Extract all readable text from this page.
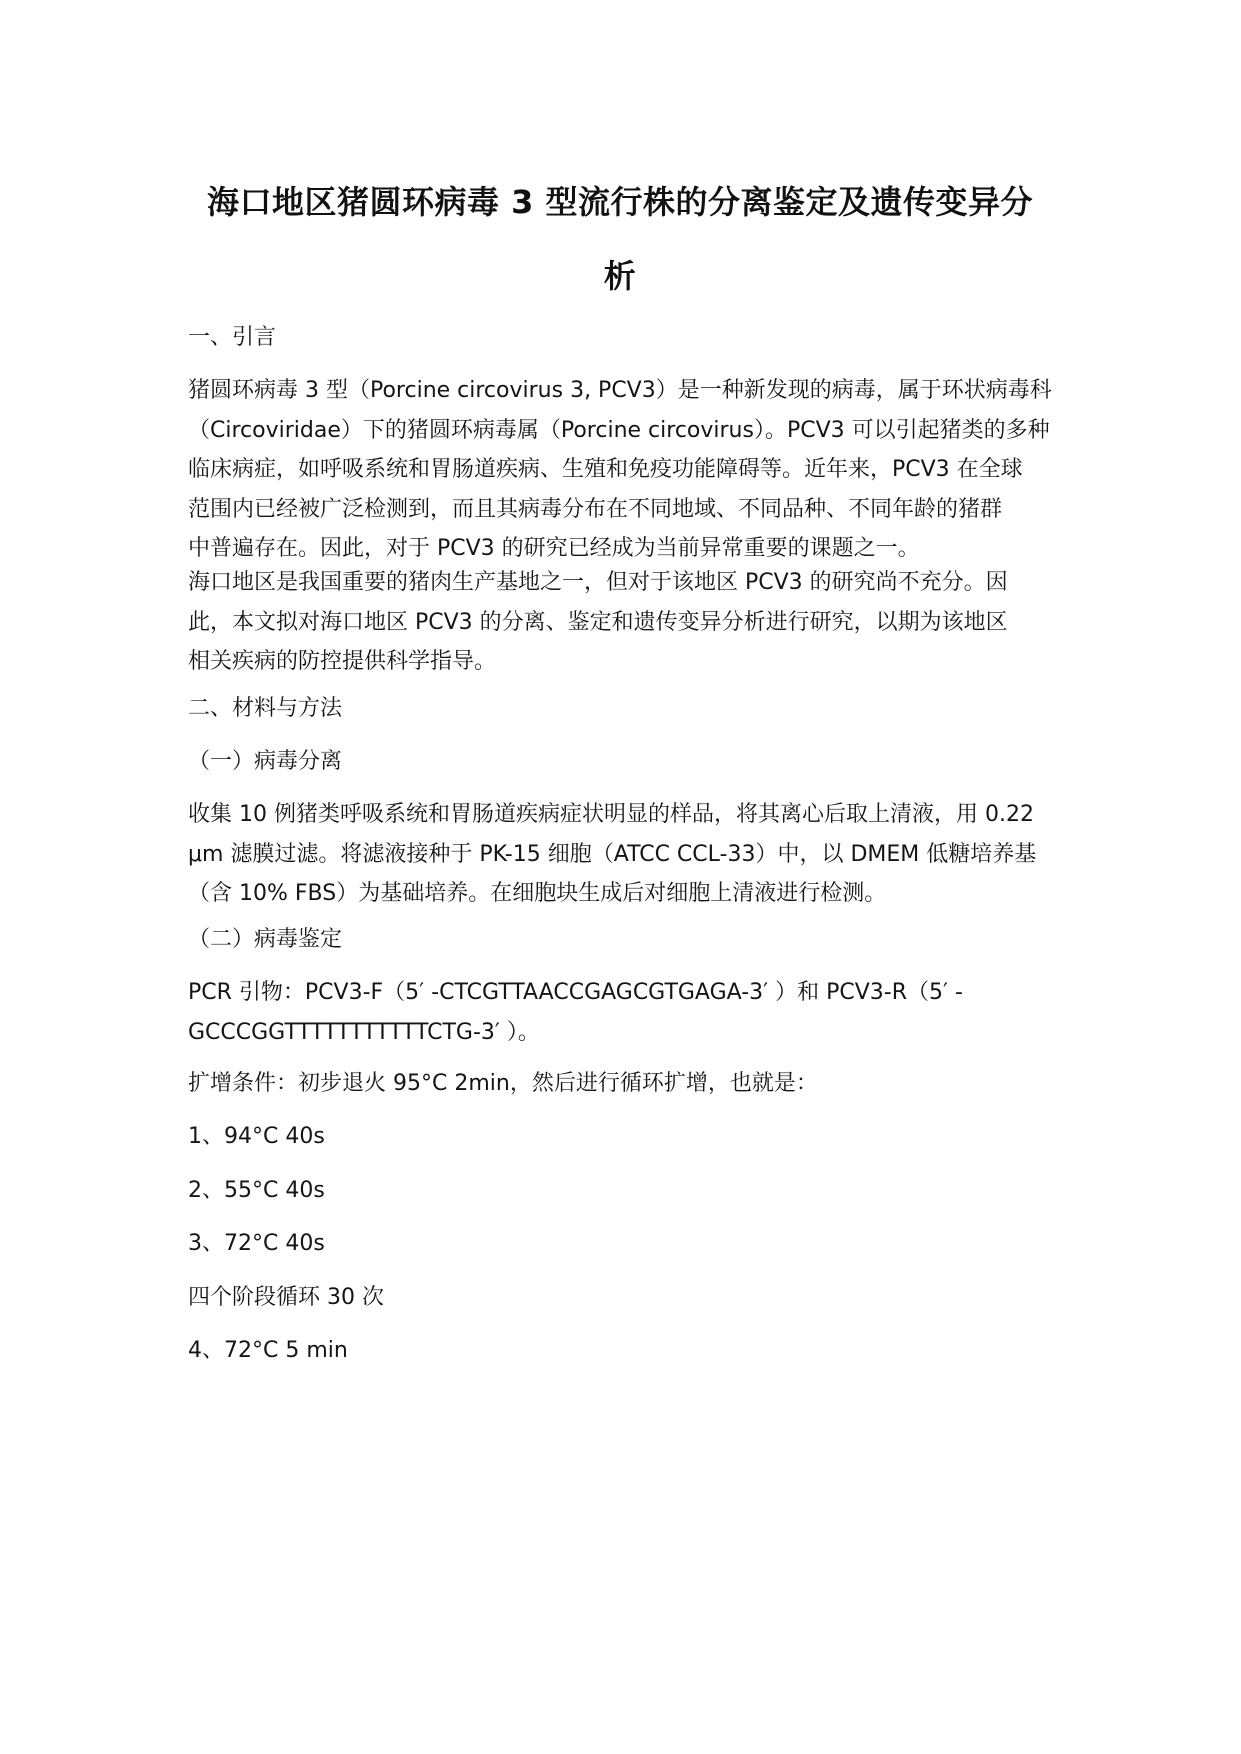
海口地区猪圆环病毒 3 型流行株的分离鉴定及遗传变异分
析
一、引言
猪圆环病毒 3 型（Porcine circovirus 3, PCV3）是一种新发现的病毒，属于环状病毒科
（Circoviridae）下的猪圆环病毒属（Porcine circovirus）。PCV3 可以引起猪类的多种
临床病症，如呼吸系统和胃肠道疾病、生殖和免疫功能障碍等。近年来，PCV3 在全球
范围内已经被广泛检测到，而且其病毒分布在不同地域、不同品种、不同年龄的猪群
中普遍存在。因此，对于 PCV3 的研究已经成为当前异常重要的课题之一。
海口地区是我国重要的猪肉生产基地之一，但对于该地区 PCV3 的研究尚不充分。因
此，本文拟对海口地区 PCV3 的分离、鉴定和遗传变异分析进行研究，以期为该地区
相关疾病的防控提供科学指导。
二、材料与方法
（一）病毒分离
收集 10 例猪类呼吸系统和胃肠道疾病症状明显的样品，将其离心后取上清液，用 0.22
μm 滤膜过滤。将滤液接种于 PK-15 细胞（ATCC CCL-33）中，以 DMEM 低糖培养基
（含 10% FBS）为基础培养。在细胞块生成后对细胞上清液进行检测。
（二）病毒鉴定
PCR 引物：PCV3-F（5′ -CTCGTTAACCGAGCGTGAGA-3′ ）和 PCV3-R（5′ -
GCCCGGTTTTTTTTTTTCTG-3′ ）。
扩增条件：初步退火 95°C 2min，然后进行循环扩增，也就是：
1、94°C 40s
2、55°C 40s
3、72°C 40s
四个阶段循环 30 次
4、72°C 5 min
